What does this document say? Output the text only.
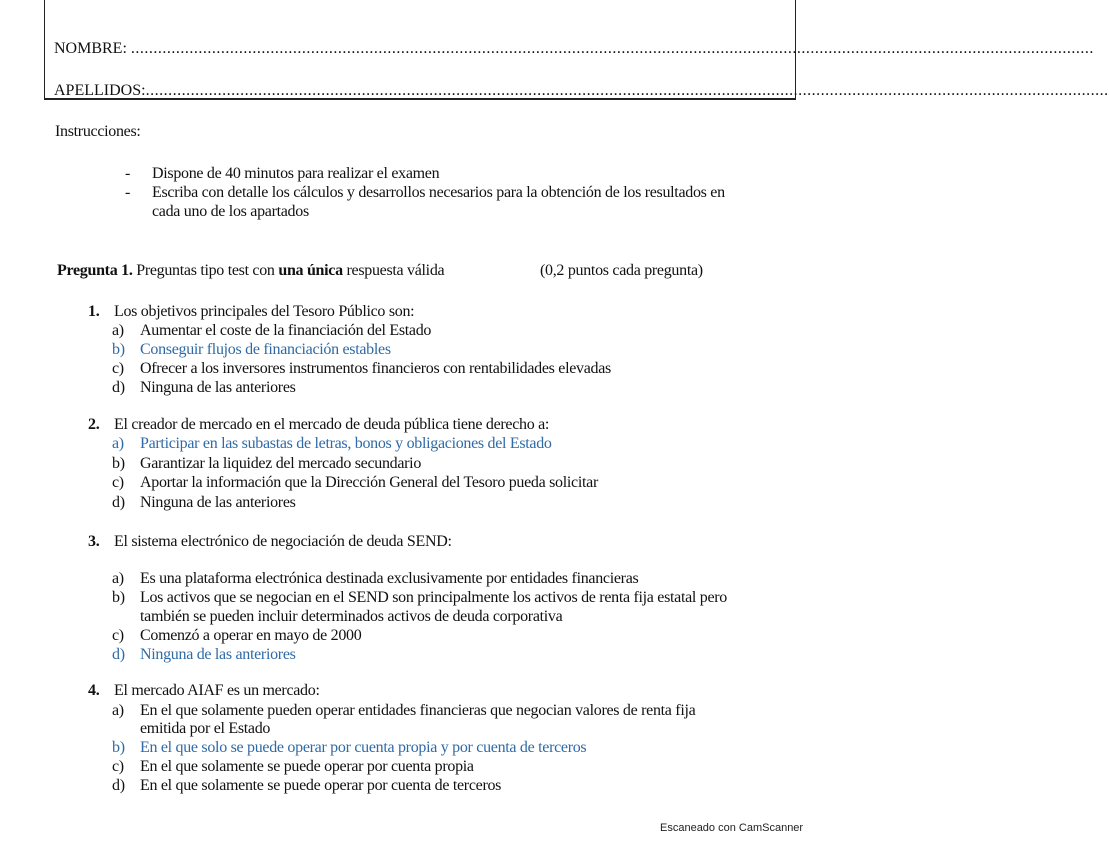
NOMBRE: ......................................................................................................................................................................................................................
APELLIDOS: ......................................................................................................................................................................................................................
Instrucciones:
- Dispone de 40 minutos para realizar el examen
- Escriba con detalle los cálculos y desarrollos necesarios para la obtención de los resultados en
cada uno de los apartados
Pregunta 1. Preguntas tipo test con una única respuesta válida	(0,2 puntos cada pregunta)
1. Los objetivos principales del Tesoro Público son:
a) Aumentar el coste de la financiación del Estado
b) Conseguir flujos de financiación estables
c) Ofrecer a los inversores instrumentos financieros con rentabilidades elevadas
d) Ninguna de las anteriores
2. El creador de mercado en el mercado de deuda pública tiene derecho a:
a) Participar en las subastas de letras, bonos y obligaciones del Estado
b) Garantizar la liquidez del mercado secundario
c) Aportar la información que la Dirección General del Tesoro pueda solicitar
d) Ninguna de las anteriores
3. El sistema electrónico de negociación de deuda SEND:
a) Es una plataforma electrónica destinada exclusivamente por entidades financieras
b) Los activos que se negocian en el SEND son principalmente los activos de renta fija estatal pero
también se pueden incluir determinados activos de deuda corporativa
c) Comenzó a operar en mayo de 2000
d) Ninguna de las anteriores
4. El mercado AIAF es un mercado:
a) En el que solamente pueden operar entidades financieras que negocian valores de renta fija
emitida por el Estado
b) En el que solo se puede operar por cuenta propia y por cuenta de terceros
c) En el que solamente se puede operar por cuenta propia
d) En el que solamente se puede operar por cuenta de terceros
Escaneado con CamScanner
